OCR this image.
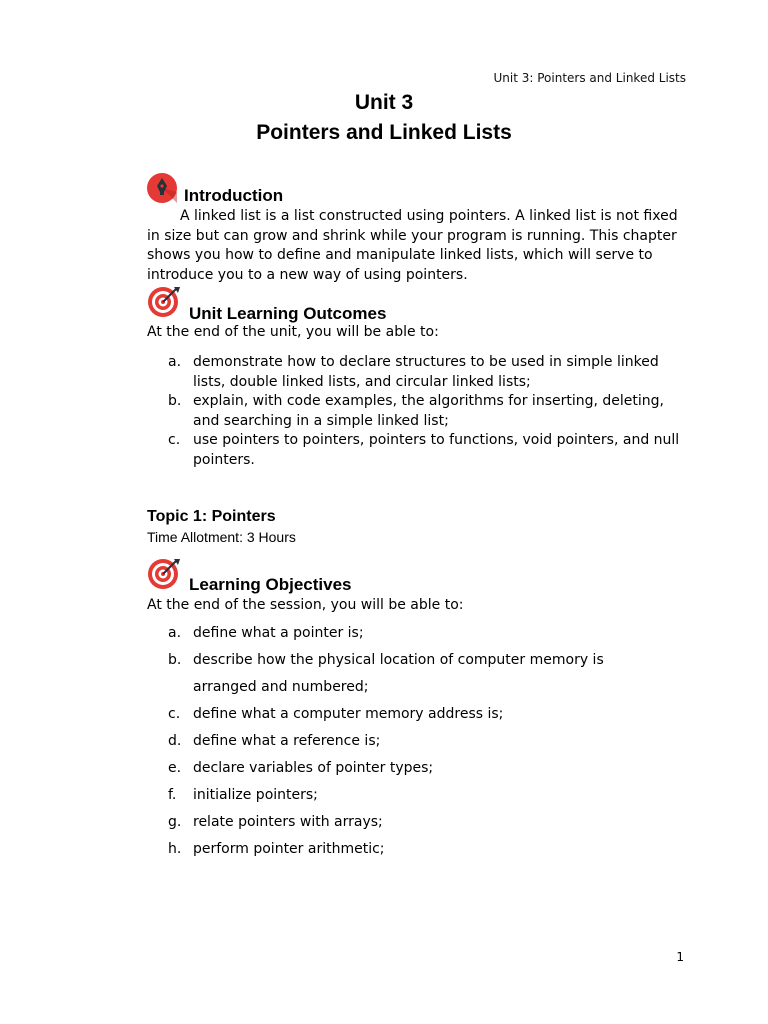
Unit 3: Pointers and Linked Lists
Unit 3
Pointers and Linked Lists
Introduction
A linked list is a list constructed using pointers. A linked list is not fixed in size but can grow and shrink while your program is running. This chapter shows you how to define and manipulate linked lists, which will serve to introduce you to a new way of using pointers.
Unit Learning Outcomes
At the end of the unit, you will be able to:
a. demonstrate how to declare structures to be used in simple linked lists, double linked lists, and circular linked lists;
b. explain, with code examples, the algorithms for inserting, deleting, and searching in a simple linked list;
c. use pointers to pointers, pointers to functions, void pointers, and null pointers.
Topic 1: Pointers
Time Allotment: 3 Hours
Learning Objectives
At the end of the session, you will be able to:
a. define what a pointer is;
b. describe how the physical location of computer memory is arranged and numbered;
c. define what a computer memory address is;
d. define what a reference is;
e. declare variables of pointer types;
f.	initialize pointers;
g. relate pointers with arrays;
h. perform pointer arithmetic;
1
